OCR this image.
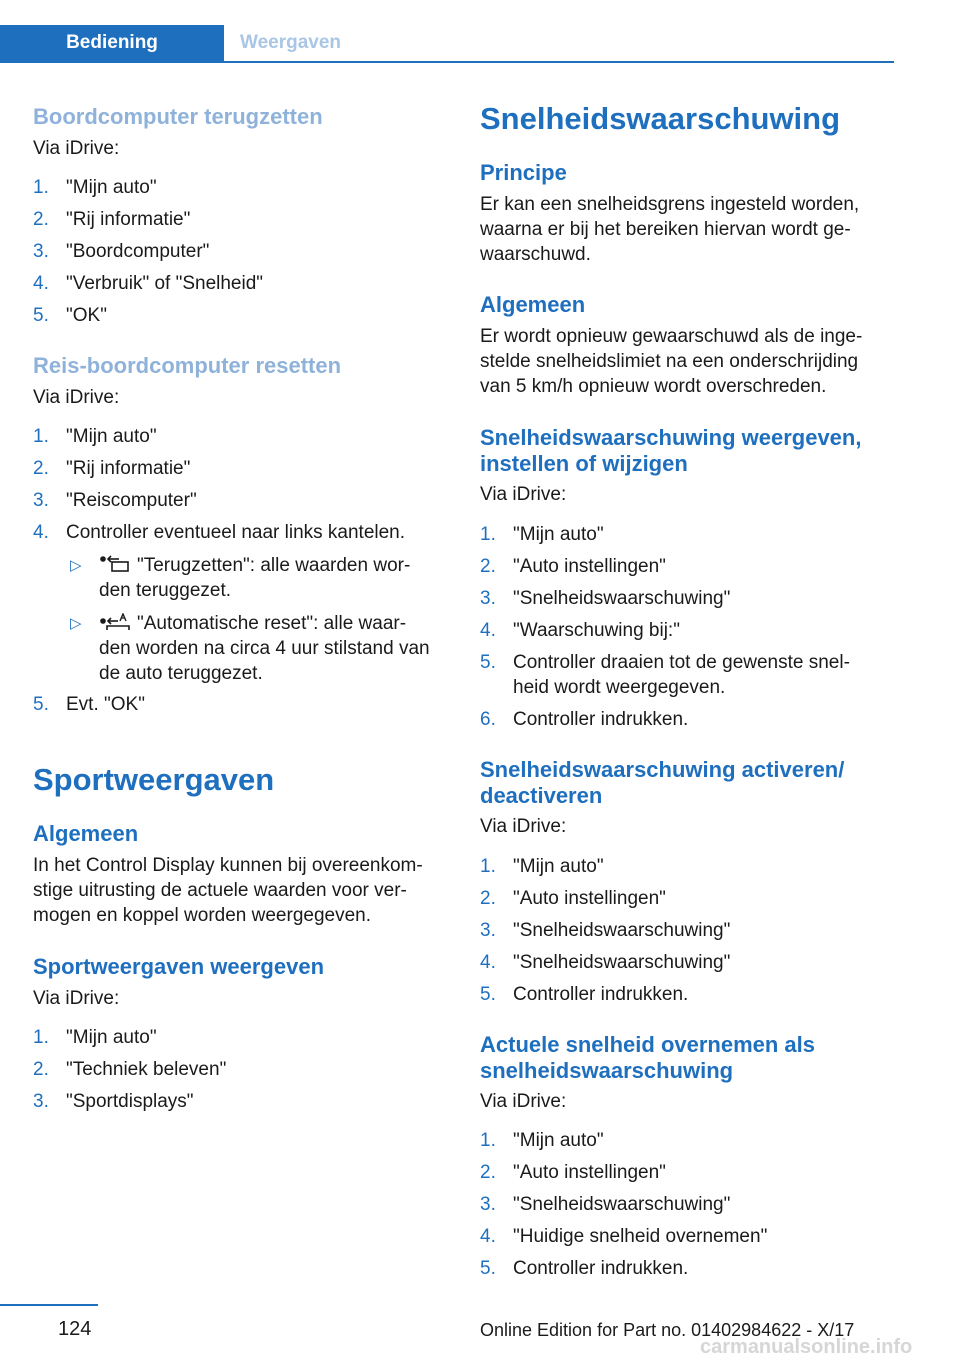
Bediening	Weergaven
Boordcomputer terugzetten
Via iDrive:
1. "Mijn auto"
2. "Rij informatie"
3. "Boordcomputer"
4. "Verbruik" of "Snelheid"
5. "OK"
Reis-boordcomputer resetten
Via iDrive:
1. "Mijn auto"
2. "Rij informatie"
3. "Reiscomputer"
4. Controller eventueel naar links kantelen.
▷	"Terugzetten": alle waarden wor-
den teruggezet.
▷	"Automatische reset": alle waar-
den worden na circa 4 uur stilstand van
de auto teruggezet.
5. Evt. "OK"
Sportweergaven
Algemeen
In het Control Display kunnen bij overeenkom-
stige uitrusting de actuele waarden voor ver-
mogen en koppel worden weergegeven.
Sportweergaven weergeven
Via iDrive:
1. "Mijn auto"
2. "Techniek beleven"
3. "Sportdisplays"
Snelheidswaarschuwing
Principe
Er kan een snelheidsgrens ingesteld worden,
waarna er bij het bereiken hiervan wordt ge-
waarschuwd.
Algemeen
Er wordt opnieuw gewaarschuwd als de inge-
stelde snelheidslimiet na een onderschrijding
van 5 km/h opnieuw wordt overschreden.
Snelheidswaarschuwing weergeven,
instellen of wijzigen
Via iDrive:
1. "Mijn auto"
2. "Auto instellingen"
3. "Snelheidswaarschuwing"
4. "Waarschuwing bij:"
5. Controller draaien tot de gewenste snel-
heid wordt weergegeven.
6. Controller indrukken.
Snelheidswaarschuwing activeren/
deactiveren
Via iDrive:
1. "Mijn auto"
2. "Auto instellingen"
3. "Snelheidswaarschuwing"
4. "Snelheidswaarschuwing"
5. Controller indrukken.
Actuele snelheid overnemen als
snelheidswaarschuwing
Via iDrive:
1. "Mijn auto"
2. "Auto instellingen"
3. "Snelheidswaarschuwing"
4. "Huidige snelheid overnemen"
5. Controller indrukken.
124	Online Edition for Part no. 01402984622 - X/17
carmanualsonline.info
